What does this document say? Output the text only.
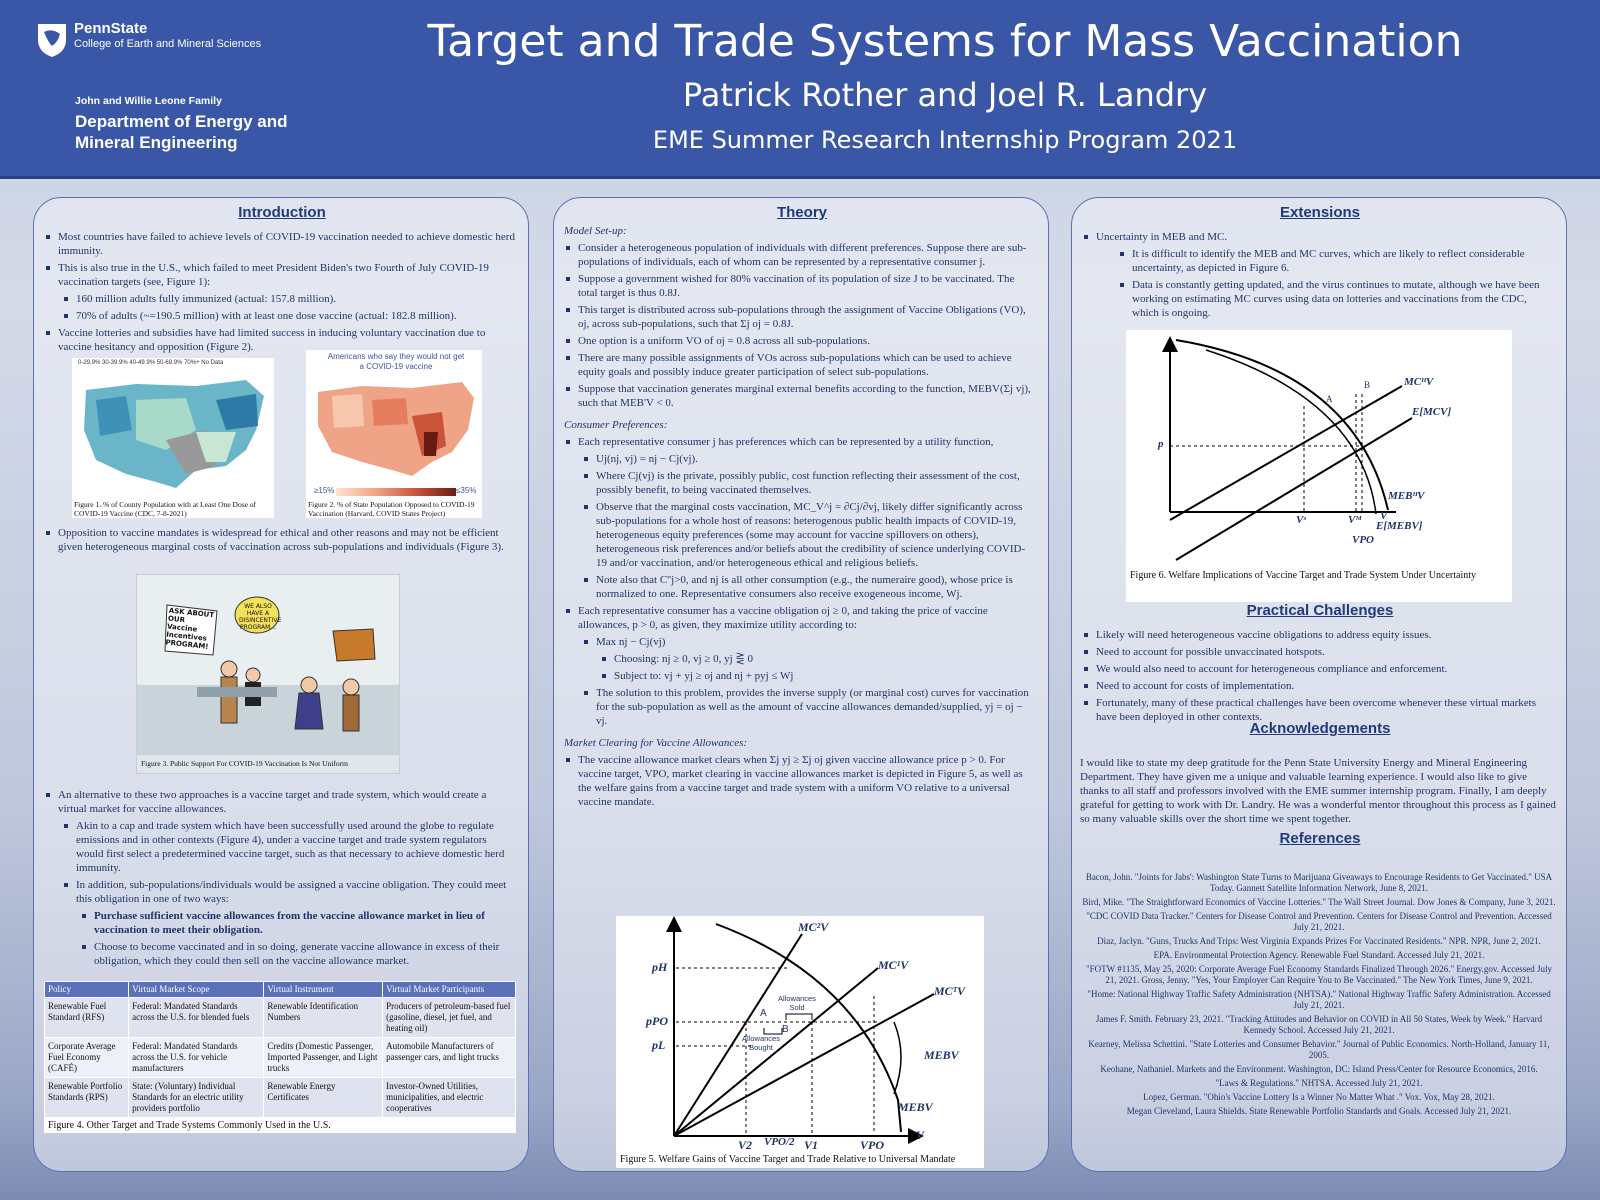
PennState
College of Earth and Mineral Sciences
John and Willie Leone Family
Department of Energy and Mineral Engineering
Target and Trade Systems for Mass Vaccination
Patrick Rother and Joel R. Landry
EME Summer Research Internship Program 2021
Introduction
Most countries have failed to achieve levels of COVID-19 vaccination needed to achieve domestic herd immunity.
This is also true in the U.S., which failed to meet President Biden's two Fourth of July COVID-19 vaccination targets (see, Figure 1):
160 million adults fully immunized (actual: 157.8 million).
70% of adults (~=190.5 million) with at least one dose vaccine (actual: 182.8 million).
Vaccine lotteries and subsidies have had limited success in inducing voluntary vaccination due to vaccine hesitancy and opposition (Figure 2).
0-29.9% 30-39.9% 40-49.9% 50-69.9% 70%+ No Data
Figure 1. % of County Population with at Least One Dose of COVID-19 Vaccine (CDC, 7-8-2021)
Americans who say they would not get a COVID-19 vaccine
≥15%	≤35%
Figure 2. % of State Population Opposed to COVID-19 Vaccination (Harvard, COVID States Project)
Opposition to vaccine mandates is widespread for ethical and other reasons and may not be efficient given heterogeneous marginal costs of vaccination across sub-populations and individuals (Figure 3).
ASK ABOUT OUR Vaccine Incentives PROGRAM!
WE ALSO HAVE A DISINCENTIVE PROGRAM...
Figure 3. Public Support For COVID-19 Vaccination Is Not Uniform
An alternative to these two approaches is a vaccine target and trade system, which would create a virtual market for vaccine allowances.
Akin to a cap and trade system which have been successfully used around the globe to regulate emissions and in other contexts (Figure 4), under a vaccine target and trade system regulators would first select a predetermined vaccine target, such as that necessary to achieve domestic herd immunity.
In addition, sub-populations/individuals would be assigned a vaccine obligation. They could meet this obligation in one of two ways:
Purchase sufficient vaccine allowances from the vaccine allowance market in lieu of vaccination to meet their obligation.
Choose to become vaccinated and in so doing, generate vaccine allowance in excess of their obligation, which they could then sell on the vaccine allowance market.
Policy	Virtual Market Scope	Virtual Instrument	Virtual Market Participants
Renewable Fuel Standard (RFS)	Federal: Mandated Standards across the U.S. for blended fuels	Renewable Identification Numbers	Producers of petroleum-based fuel (gasoline, diesel, jet fuel, and heating oil)
Corporate Average Fuel Economy (CAFÉ)	Federal: Mandated Standards across the U.S. for vehicle manufacturers	Credits (Domestic Passenger, Imported Passenger, and Light trucks	Automobile Manufacturers of passenger cars, and light trucks
Renewable Portfolio Standards (RPS)	State: (Voluntary) Individual Standards for an electric utility providers portfolio	Renewable Energy Certificates	Investor-Owned Utilities, municipalities, and electric cooperatives
Figure 4. Other Target and Trade Systems Commonly Used in the U.S.
Theory
Model Set-up:
Consider a heterogeneous population of individuals with different preferences. Suppose there are sub-populations of individuals, each of whom can be represented by a representative consumer j.
Suppose a government wished for 80% vaccination of its population of size J to be vaccinated. The total target is thus 0.8J.
This target is distributed across sub-populations through the assignment of Vaccine Obligations (VO), oj, across sub-populations, such that Σj oj = 0.8J.
One option is a uniform VO of oj = 0.8 across all sub-populations.
There are many possible assignments of VOs across sub-populations which can be used to achieve equity goals and possibly induce greater participation of select sub-populations.
Suppose that vaccination generates marginal external benefits according to the function, MEBV(Σj vj), such that MEB'V < 0.
Consumer Preferences:
Each representative consumer j has preferences which can be represented by a utility function,
Uj(nj, vj) = nj − Cj(vj).
Where Cj(vj) is the private, possibly public, cost function reflecting their assessment of the cost, possibly benefit, to being vaccinated themselves.
Observe that the marginal costs vaccination, MC_V^j = ∂Cj/∂vj, likely differ significantly across sub-populations for a whole host of reasons: heterogenous public health impacts of COVID-19, heterogeneous equity preferences (some may account for vaccine spillovers on others), heterogeneous risk preferences and/or beliefs about the credibility of science underlying COVID-19 and/or vaccination, and/or heterogeneous ethical and religious beliefs.
Note also that C''j>0, and nj is all other consumption (e.g., the numeraire good), whose price is normalized to one. Representative consumers also receive exogeneous income, Wj.
Each representative consumer has a vaccine obligation oj ≥ 0, and taking the price of vaccine allowances, p > 0, as given, they maximize utility according to:
Max nj − Cj(vj)
Choosing: nj ≥ 0, vj ≥ 0, yj ⋛ 0
Subject to: vj + yj ≥ oj and nj + pyj ≤ Wj
The solution to this problem, provides the inverse supply (or marginal cost) curves for vaccination for the sub-population as well as the amount of vaccine allowances demanded/supplied, yj = oj − vj.
Market Clearing for Vaccine Allowances:
The vaccine allowance market clears when Σj yj ≥ Σj oj given vaccine allowance price p > 0. For vaccine target, VPO, market clearing in vaccine allowances market is depicted in Figure 5, as well as the welfare gains from a vaccine target and trade system with a uniform VO relative to a universal vaccine mandate.
MC²V
MC¹V
MCᵀV
MEBV
MEBV
pH
pPO
pL
A
B
Allowances Sold
Allowances Bought
V2 VPO/2 V1	VPO
V
Figure 5. Welfare Gains of Vaccine Target and Trade Relative to Universal Mandate
Extensions
Uncertainty in MEB and MC.
It is difficult to identify the MEB and MC curves, which are likely to reflect considerable uncertainty, as depicted in Figure 6.
Data is constantly getting updated, and the virus continues to mutate, although we have been working on estimating MC curves using data on lotteries and vaccinations from the CDC, which is ongoing.
MCᴴV
E[MCV]
p
A
B
MEBᴴV
E[MEBV]
Vˢ	Vᴹ V
VPO
Figure 6. Welfare Implications of Vaccine Target and Trade System Under Uncertainty
Practical Challenges
Likely will need heterogeneous vaccine obligations to address equity issues.
Need to account for possible unvaccinated hotspots.
We would also need to account for heterogeneous compliance and enforcement.
Need to account for costs of implementation.
Fortunately, many of these practical challenges have been overcome whenever these virtual markets have been deployed in other contexts.
Acknowledgements
I would like to state my deep gratitude for the Penn State University Energy and Mineral Engineering Department. They have given me a unique and valuable learning experience. I would also like to give thanks to all staff and professors involved with the EME summer internship program. Finally, I am deeply grateful for getting to work with Dr. Landry. He was a wonderful mentor throughout this process as I gained so many valuable skills over the short time we spent together.
References
Bacon, John. "Joints for Jabs': Washington State Turns to Marijuana Giveaways to Encourage Residents to Get Vaccinated." USA Today. Gannett Satellite Information Network, June 8, 2021.
Bird, Mike. "The Straightforward Economics of Vaccine Lotteries." The Wall Street Journal. Dow Jones & Company, June 3, 2021.
"CDC COVID Data Tracker." Centers for Disease Control and Prevention. Centers for Disease Control and Prevention. Accessed July 21, 2021.
Diaz, Jaclyn. "Guns, Trucks And Trips: West Virginia Expands Prizes For Vaccinated Residents." NPR. NPR, June 2, 2021.
EPA. Environmental Protection Agency. Renewable Fuel Standard. Accessed July 21, 2021.
"FOTW #1135, May 25, 2020: Corporate Average Fuel Economy Standards Finalized Through 2026." Energy.gov. Accessed July 21, 2021. Gross, Jenny. "Yes, Your Employer Can Require You to Be Vaccinated." The New York Times, June 9, 2021.
"Home: National Highway Traffic Safety Administration (NHTSA)." National Highway Traffic Safety Administration. Accessed July 21, 2021.
James F. Smith. February 23, 2021. "Tracking Attitudes and Behavior on COVID in All 50 States, Week by Week." Harvard Kennedy School. Accessed July 21, 2021.
Kearney, Melissa Schettini. "State Lotteries and Consumer Behavior." Journal of Public Economics. North-Holland, January 11, 2005.
Keohane, Nathaniel. Markets and the Environment. Washington, DC: Island Press/Center for Resource Economics, 2016.
"Laws & Regulations." NHTSA. Accessed July 21, 2021.
Lopez, German. "Ohio's Vaccine Lottery Is a Winner No Matter What ." Vox. Vox, May 28, 2021.
Megan Cleveland, Laura Shields. State Renewable Portfolio Standards and Goals. Accessed July 21, 2021.
